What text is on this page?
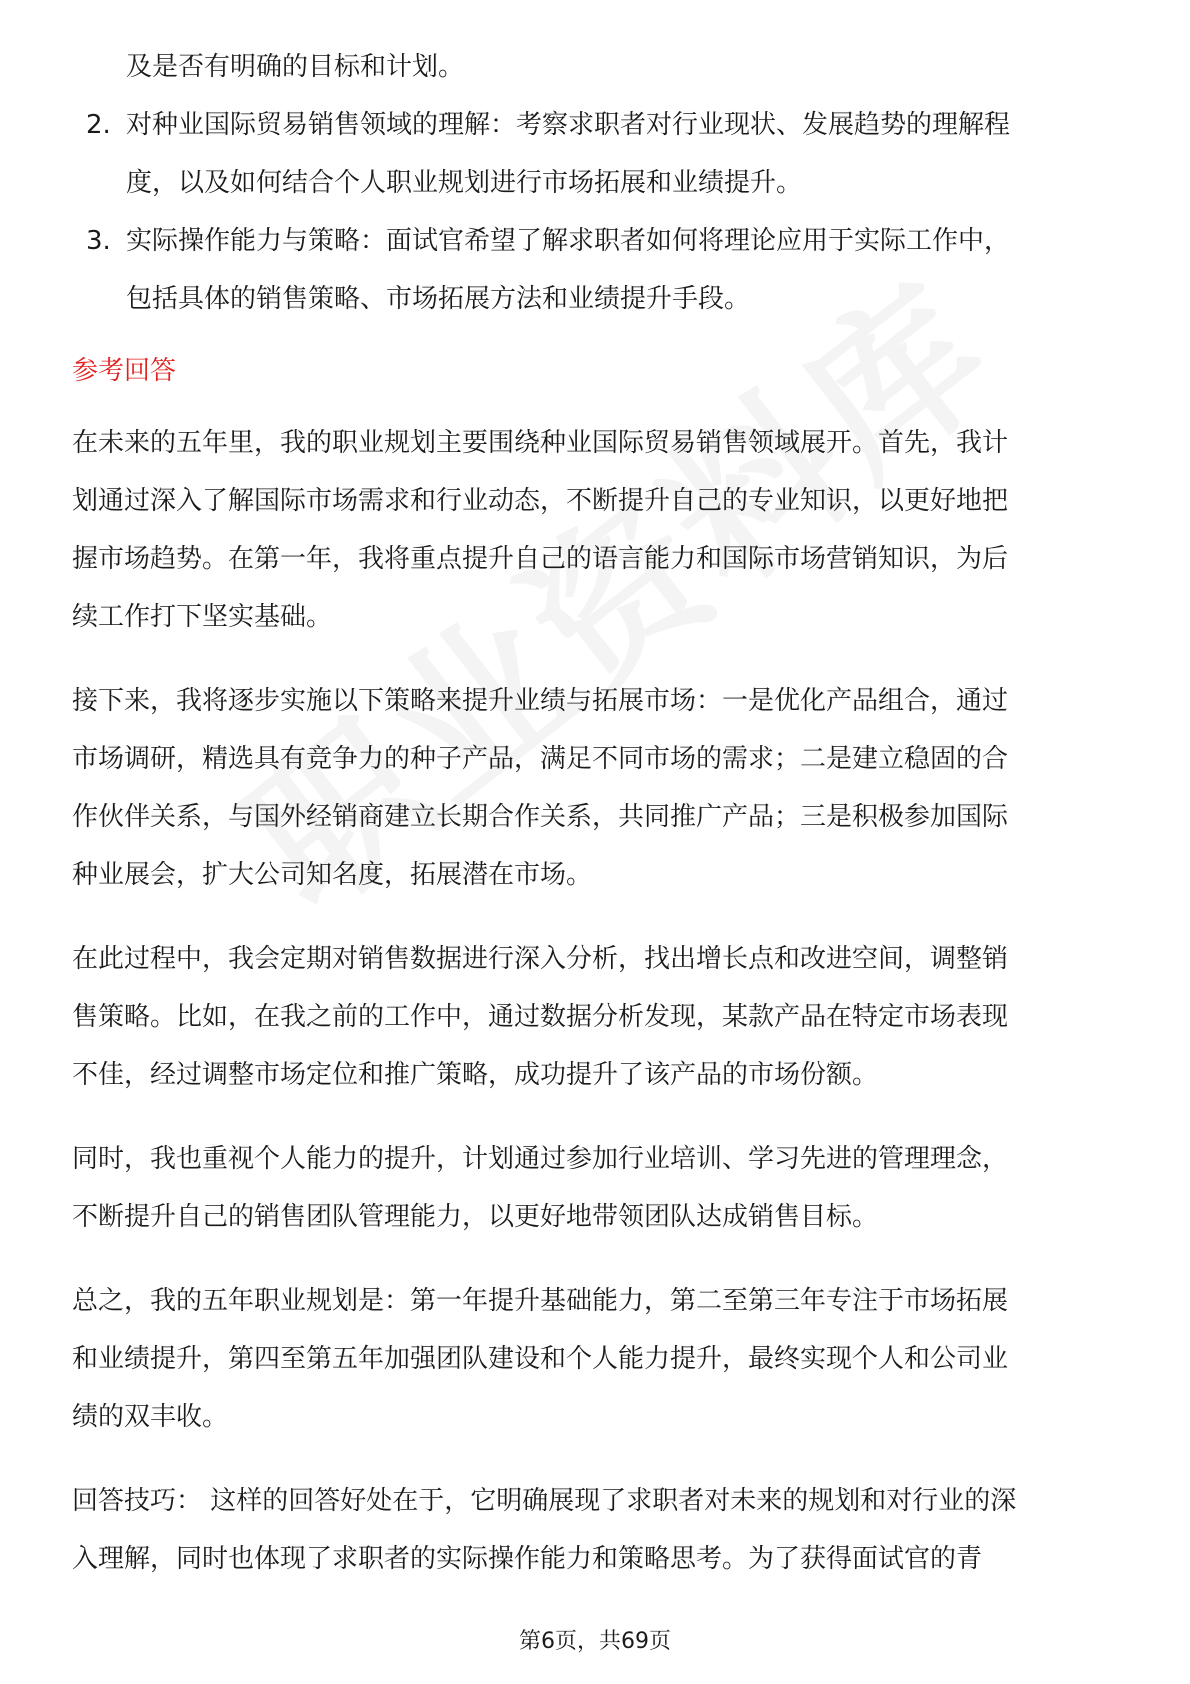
及是否有明确的目标和计划。
2. 对种业国际贸易销售领域的理解：考察求职者对行业现状、发展趋势的理解程
度，以及如何结合个人职业规划进行市场拓展和业绩提升。
3. 实际操作能力与策略：面试官希望了解求职者如何将理论应用于实际工作中，
包括具体的销售策略、市场拓展方法和业绩提升手段。
参考回答
在未来的五年里，我的职业规划主要围绕种业国际贸易销售领域展开。首先，我计
划通过深入了解国际市场需求和行业动态，不断提升自己的专业知识，以更好地把
握市场趋势。在第一年，我将重点提升自己的语言能力和国际市场营销知识，为后
续工作打下坚实基础。
接下来，我将逐步实施以下策略来提升业绩与拓展市场：一是优化产品组合，通过
市场调研，精选具有竞争力的种子产品，满足不同市场的需求；二是建立稳固的合
作伙伴关系，与国外经销商建立长期合作关系，共同推广产品；三是积极参加国际
种业展会，扩大公司知名度，拓展潜在市场。
在此过程中，我会定期对销售数据进行深入分析，找出增长点和改进空间，调整销
售策略。比如，在我之前的工作中，通过数据分析发现，某款产品在特定市场表现
不佳，经过调整市场定位和推广策略，成功提升了该产品的市场份额。
同时，我也重视个人能力的提升，计划通过参加行业培训、学习先进的管理理念，
不断提升自己的销售团队管理能力，以更好地带领团队达成销售目标。
总之，我的五年职业规划是：第一年提升基础能力，第二至第三年专注于市场拓展
和业绩提升，第四至第五年加强团队建设和个人能力提升，最终实现个人和公司业
绩的双丰收。
回答技巧： 这样的回答好处在于，它明确展现了求职者对未来的规划和对行业的深
入理解，同时也体现了求职者的实际操作能力和策略思考。为了获得面试官的青
第6页，共69页
